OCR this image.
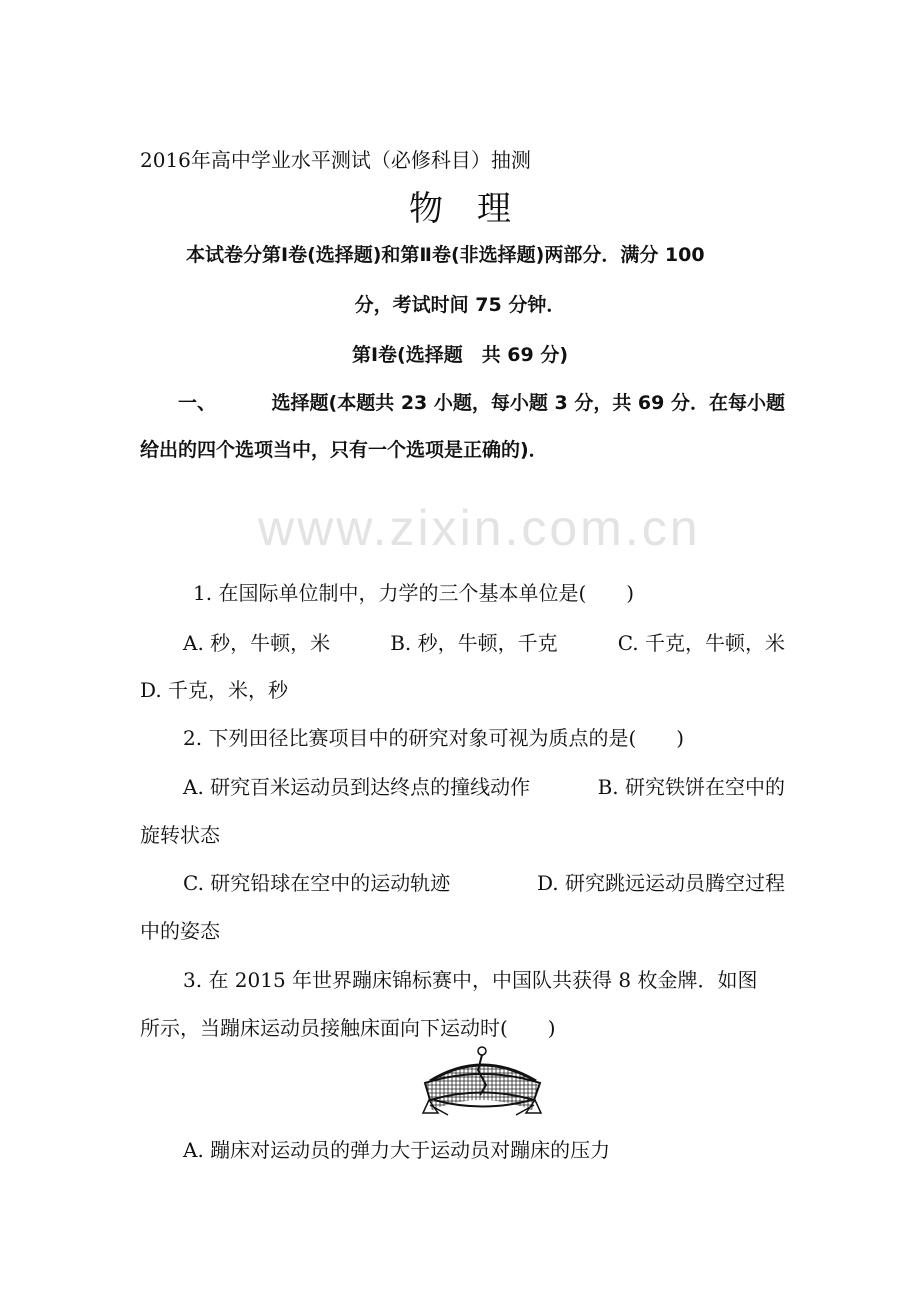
www.zixin.com.cn
2016年高中学业水平测试（必修科目）抽测
物　理
本试卷分第Ⅰ卷(选择题)和第Ⅱ卷(非选择题)两部分．满分 100
分，考试时间 75 分钟．
第Ⅰ卷(选择题　共 69 分)
一、	选择题(本题共 23 小题，每小题 3 分，共 69 分．在每小题
给出的四个选项当中，只有一个选项是正确的)．
1. 在国际单位制中，力学的三个基本单位是(　　)
A. 秒，牛顿，米	B. 秒，牛顿，千克	C. 千克，牛顿，米
D. 千克，米，秒
2. 下列田径比赛项目中的研究对象可视为质点的是(　　)
A. 研究百米运动员到达终点的撞线动作	B. 研究铁饼在空中的
旋转状态
C. 研究铅球在空中的运动轨迹	D. 研究跳远运动员腾空过程
中的姿态
3. 在 2015 年世界蹦床锦标赛中，中国队共获得 8 枚金牌．如图
所示，当蹦床运动员接触床面向下运动时(　　)
A. 蹦床对运动员的弹力大于运动员对蹦床的压力
